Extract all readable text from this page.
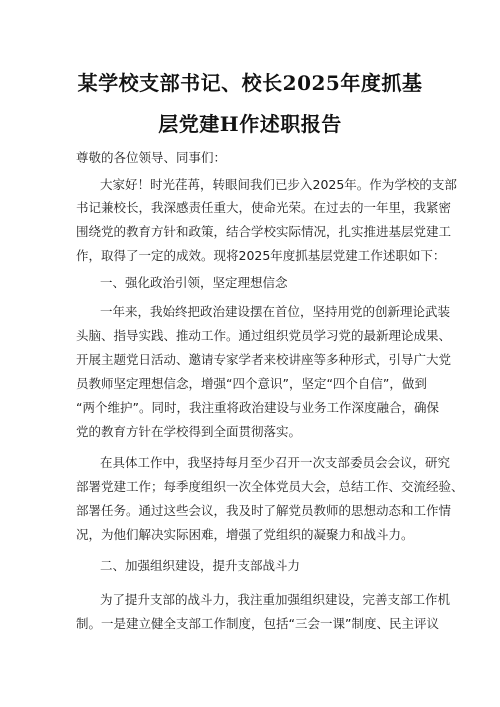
某学校支部书记、校长2025年度抓基
层党建H作述职报告
尊敬的各位领导、同事们：
大家好！时光荏苒，转眼间我们已步入2025年。作为学校的支部
书记兼校长，我深感责任重大，使命光荣。在过去的一年里，我紧密
围绕党的教育方针和政策，结合学校实际情况，扎实推进基层党建工
作，取得了一定的成效。现将2025年度抓基层党建工作述职如下：
一、强化政治引领，坚定理想信念
一年来，我始终把政治建设摆在首位，坚持用党的创新理论武装
头脑、指导实践、推动工作。通过组织党员学习党的最新理论成果、
开展主题党日活动、邀请专家学者来校讲座等多种形式，引导广大党
员教师坚定理想信念，增强“四个意识”，坚定“四个自信”，做到
“两个维护”。同时，我注重将政治建设与业务工作深度融合，确保
党的教育方针在学校得到全面贯彻落实。
在具体工作中，我坚持每月至少召开一次支部委员会会议，研究
部署党建工作；每季度组织一次全体党员大会，总结工作、交流经验、
部署任务。通过这些会议，我及时了解党员教师的思想动态和工作情
况，为他们解决实际困难，增强了党组织的凝聚力和战斗力。
二、加强组织建设，提升支部战斗力
为了提升支部的战斗力，我注重加强组织建设，完善支部工作机
制。一是建立健全支部工作制度，包括“三会一课”制度、民主评议
